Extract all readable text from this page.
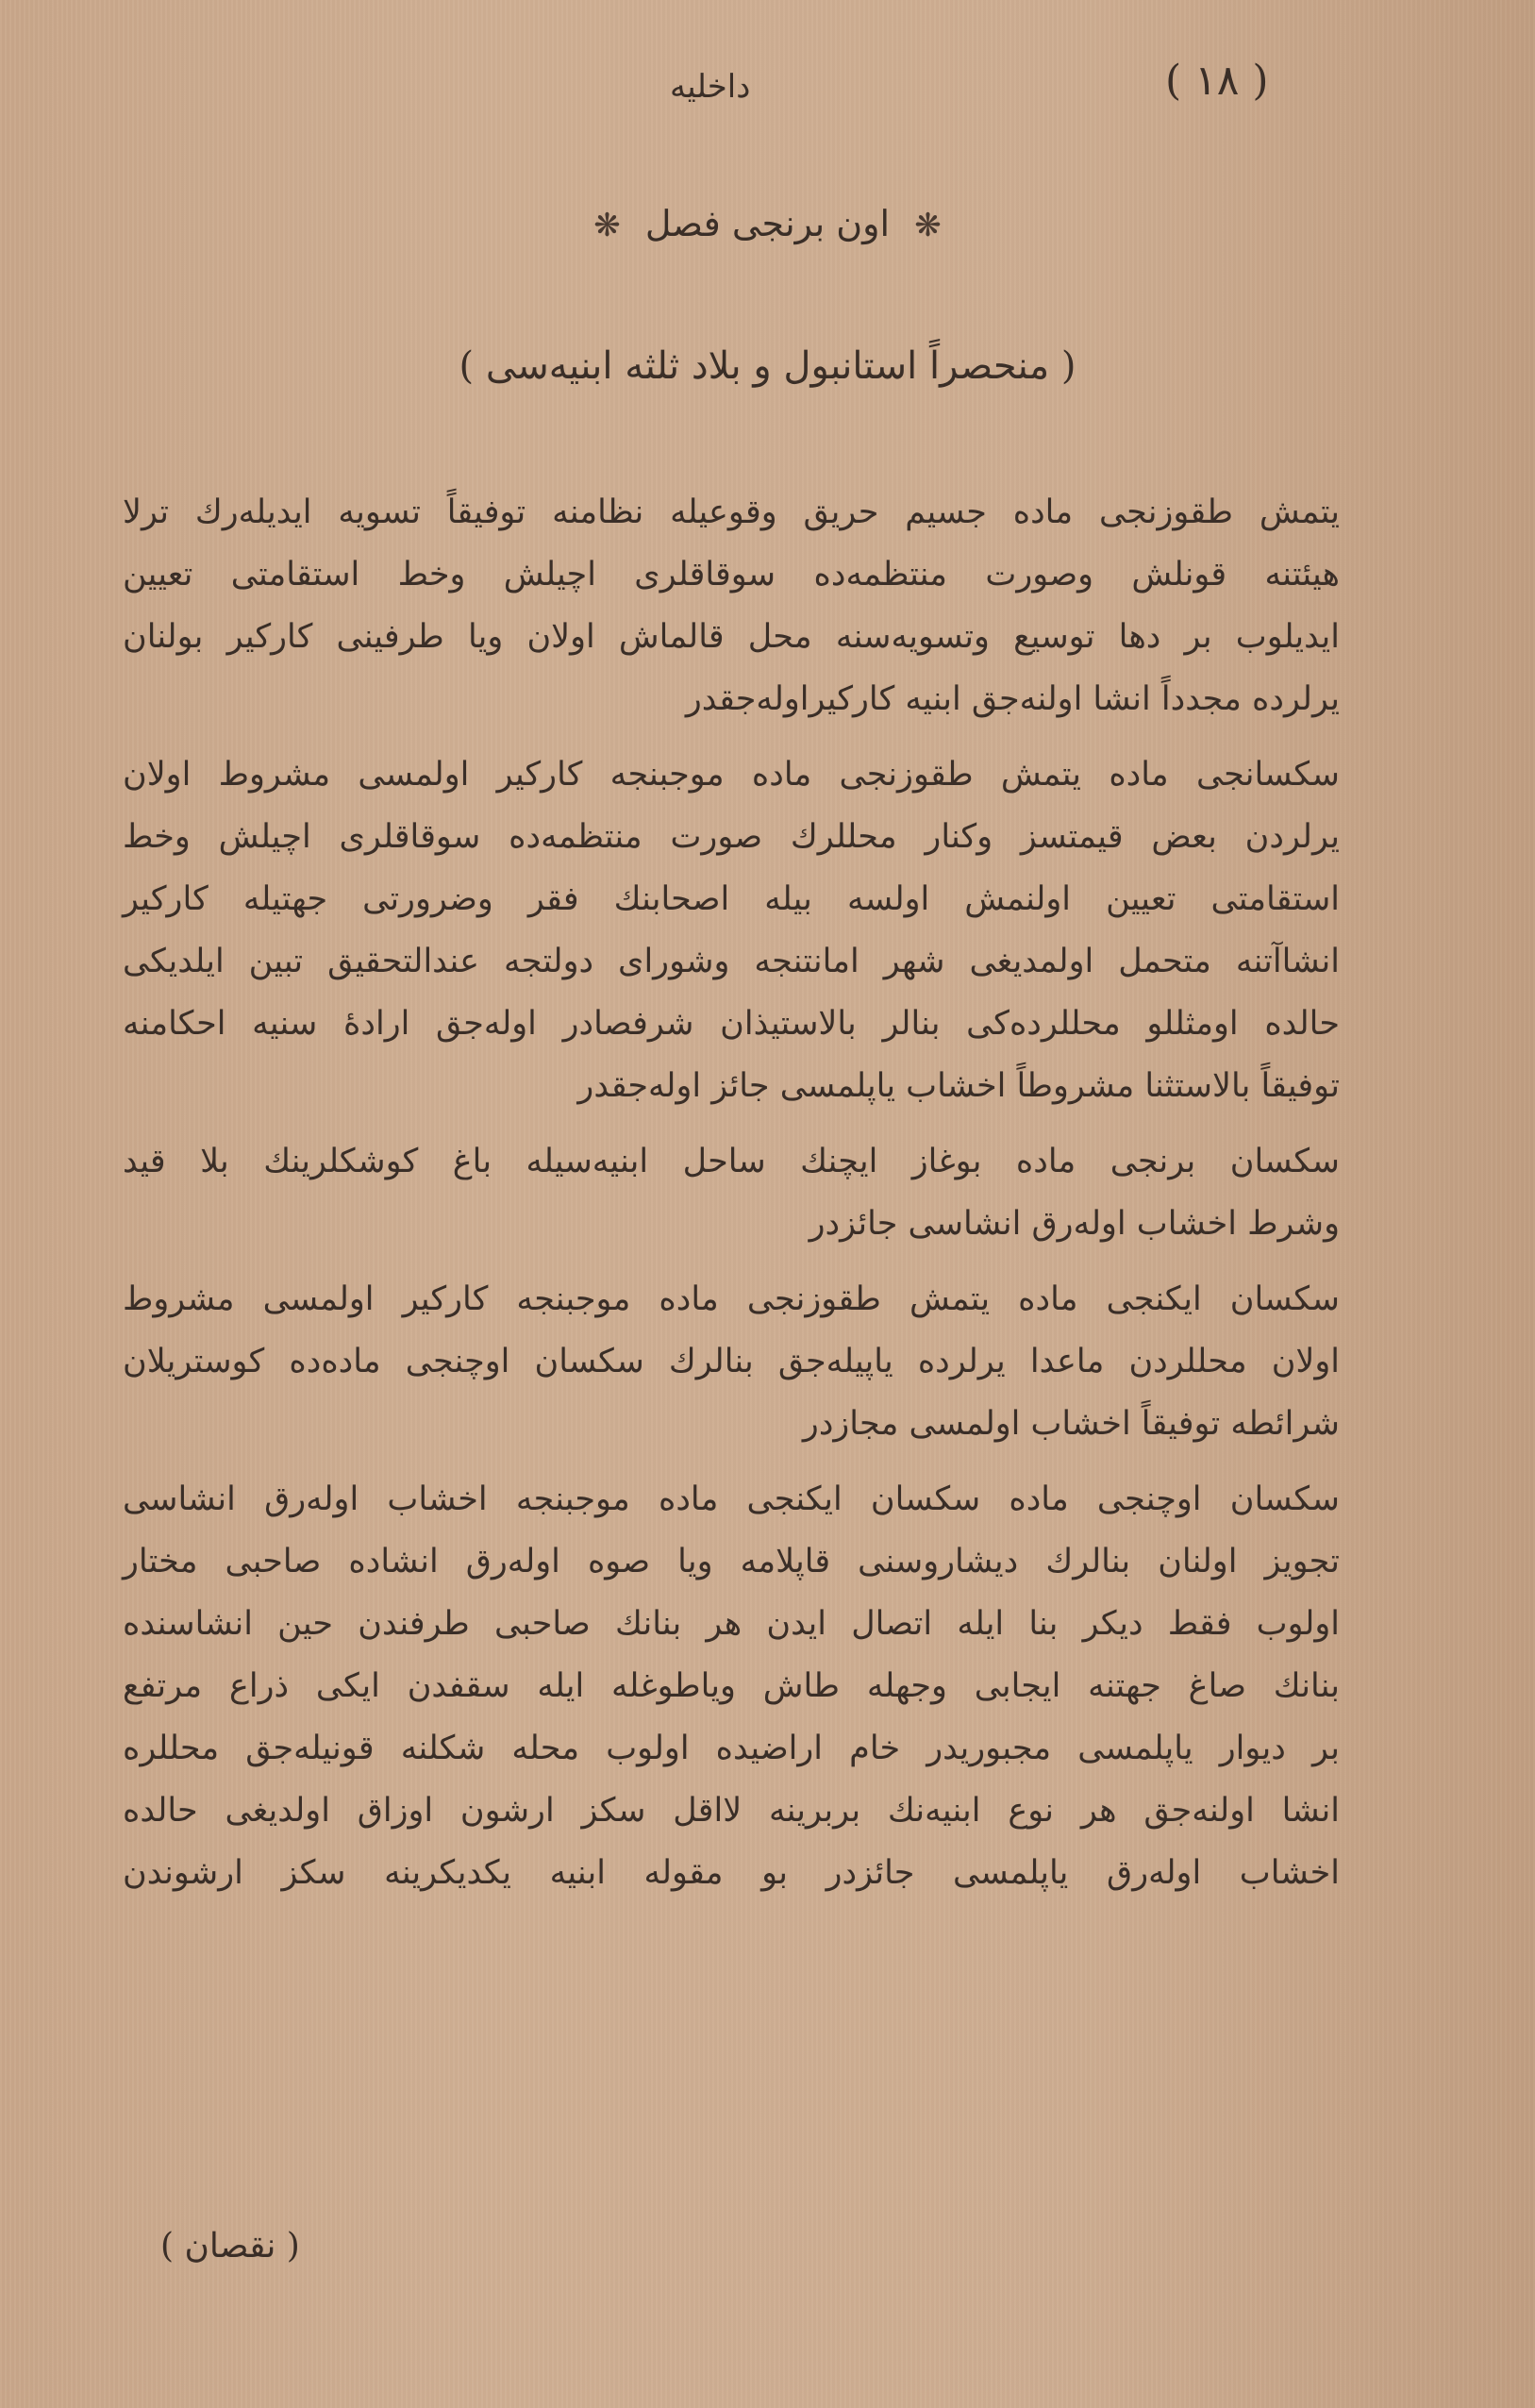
( ١٨ )
داخلیه
❋ اون برنجی فصل ❋
( منحصراً استانبول و بلاد ثلثه ابنیه‌سی )
یتمش طقوزنجی ماده جسیم حریق وقوعیله نظامنه توفیقاً تسویه ایدیله‌رك ترلا
هیئتنه قونلش وصورت منتظمه‌ده سوقاقلری اچیلش وخط استقامتی تعیین
ایدیلوب بر دها توسیع وتسویه‌سنه محل قالماش اولان ویا طرفینی کارکیر بولنان
یرلرده مجدداً انشا اولنه‌جق ابنیه کارکیراوله‌جقدر
سکسانجی ماده یتمش طقوزنجی ماده موجبنجه کارکیر اولمسی مشروط اولان
یرلردن بعض قیمتسز وکنار محللرك صورت منتظمه‌ده سوقاقلری اچیلش وخط
استقامتی تعیین اولنمش اولسه بیله اصحابنك فقر وضرورتی جهتیله کارکیر
انشاآتنه متحمل اولمدیغی شهر امانتنجه وشورای دولتجه عندالتحقیق تبین ایلدیکی
حالده اومثللو محللرده‌کی بنالر بالاستیذان شرفصادر اوله‌جق ارادهٔ سنیه احکامنه
توفیقاً بالاستثنا مشروطاً اخشاب یاپلمسی جائز اوله‌جقدر
سکسان برنجی ماده بوغاز ایچنك ساحل ابنیه‌سیله باغ کوشکلرینك بلا قید
وشرط اخشاب اوله‌رق انشاسی جائزدر
سکسان ایکنجی ماده یتمش طقوزنجی ماده موجبنجه کارکیر اولمسی مشروط
اولان محللردن ماعدا یرلرده یاپیله‌جق بنالرك سکسان اوچنجی ماده‌ده کوستریلان
شرائطه توفیقاً اخشاب اولمسی مجازدر
سکسان اوچنجی ماده سکسان ایکنجی ماده موجبنجه اخشاب اوله‌رق انشاسی
تجویز اولنان بنالرك دیشاروسنی قاپلامه ویا صوه اوله‌رق انشاده صاحبی مختار
اولوب فقط دیکر بنا ایله اتصال ایدن هر بنانك صاحبی طرفندن حین انشاسنده
بنانك صاغ جهتنه ایجابی وجهله طاش ویاطوغله ایله سقفدن ایکی ذراع مرتفع
بر دیوار یاپلمسی مجبوریدر خام اراضیده اولوب محله شکلنه قونیله‌جق محللره
انشا اولنه‌جق هر نوع ابنیه‌نك بربرینه لااقل سکز ارشون اوزاق اولدیغی حالده
اخشاب اوله‌رق یاپلمسی جائزدر بو مقوله ابنیه یکدیکرینه سکز ارشوندن
( نقصان )
